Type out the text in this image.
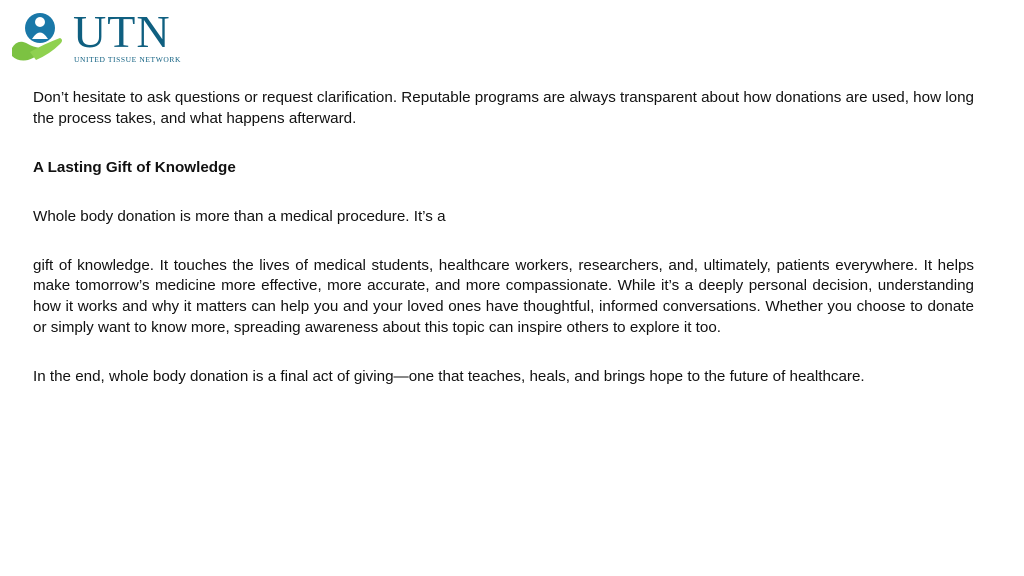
UTN
UNITED TISSUE NETWORK

Don’t hesitate to ask questions or request clarification. Reputable programs are always transparent about how donations are used, how long the process takes, and what happens afterward.

A Lasting Gift of Knowledge

Whole body donation is more than a medical procedure. It’s a

gift of knowledge. It touches the lives of medical students, healthcare workers, researchers, and, ultimately, patients everywhere. It helps make tomorrow’s medicine more effective, more accurate, and more compassionate. While it’s a deeply personal decision, understanding how it works and why it matters can help you and your loved ones have thoughtful, informed conversations. Whether you choose to donate or simply want to know more, spreading awareness about this topic can inspire others to explore it too.

In the end, whole body donation is a final act of giving—one that teaches, heals, and brings hope to the future of healthcare.
